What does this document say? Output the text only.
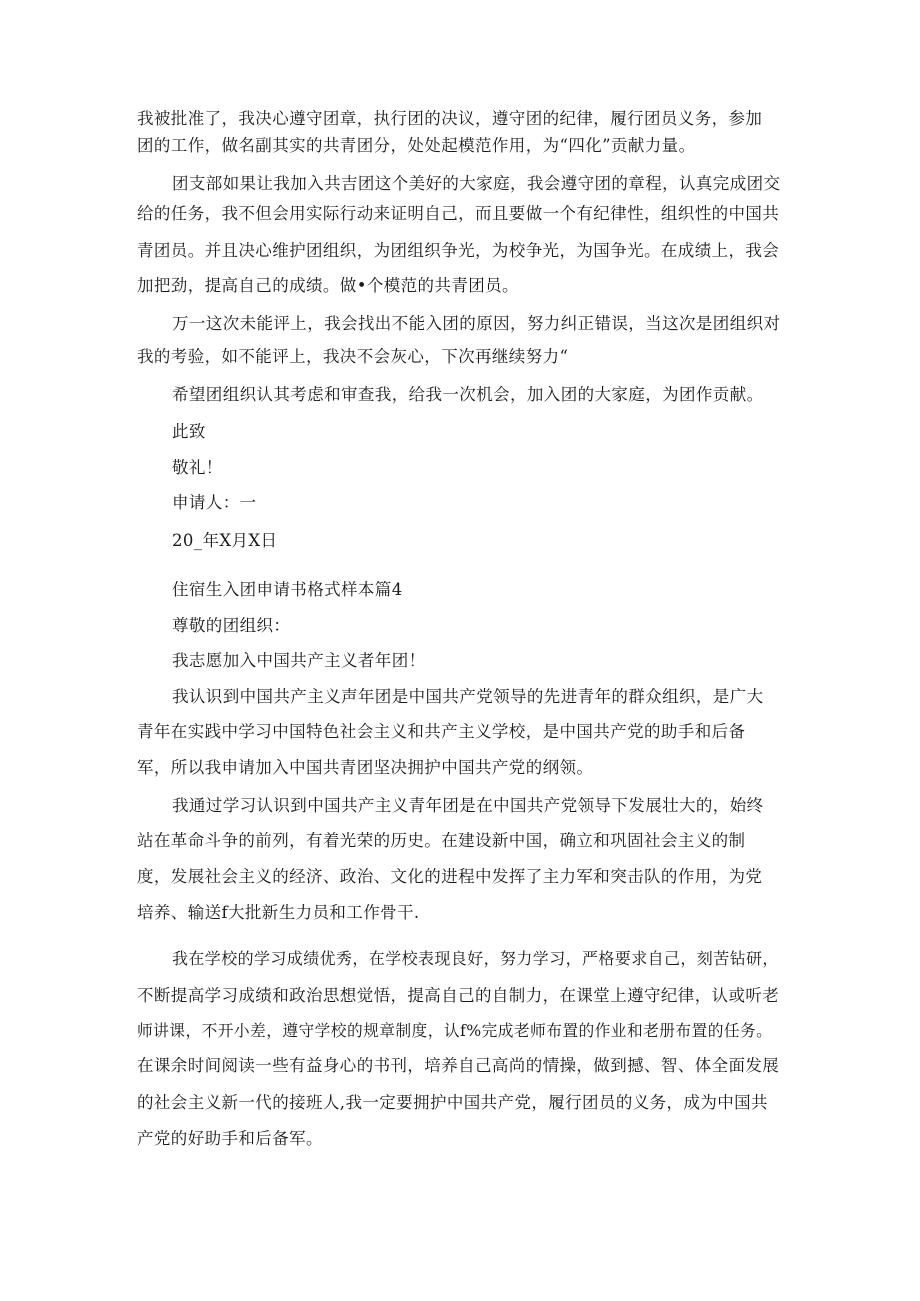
我被批准了，我决心遵守团章，执行团的决议，遵守团的纪律，履行团员义务，参加
团的工作，做名副其实的共青团分，处处起模范作用，为“四化”贡献力量。
团支部如果让我加入共吉团这个美好的大家庭，我会遵守团的章程，认真完成团交
给的任务，我不但会用实际行动来证明自己，而且要做一个有纪律性，组织性的中国共
青团员。并且决心维护团组织，为团组织争光，为校争光，为国争光。在成绩上，我会
加把劲，提高自己的成绩。做•个模范的共青团员。
万一这次未能评上，我会找出不能入团的原因，努力纠正错误，当这次是团组织对
我的考验，如不能评上，我决不会灰心，下次再继续努力“
希望团组织认其考虑和审查我，给我一次机会，加入团的大家庭，为团作贡献。
此致
敬礼！
申请人：一
20_年X月X日
住宿生入团申请书格式样本篇4
尊敬的团组织：
我志愿加入中国共产主义者年团！
我认识到中国共产主义声年团是中国共产党领导的先进青年的群众组织，是广大
青年在实践中学习中国特色社会主义和共产主义学校，是中国共产党的助手和后备
军，所以我申请加入中国共青团坚决拥护中国共产党的纲领。
我通过学习认识到中国共产主义青年团是在中国共产党领导下发展壮大的，始终
站在革命斗争的前列，有着光荣的历史。在建设新中国，确立和巩固社会主义的制
度，发展社会主义的经济、政治、文化的进程中发挥了主力军和突击队的作用，为党
培养、输送f大批新生力员和工作骨干.
我在学校的学习成绩优秀，在学校表现良好，努力学习，严格要求自己，刻苦钻研，
不断提高学习成绩和政治思想觉悟，提高自己的自制力，在课堂上遵守纪律，认或听老
师讲课，不开小差，遵守学校的规章制度，认f%完成老师布置的作业和老册布置的任务。
在课余时间阅读一些有益身心的书刊，培养自己高尚的情操，做到撼、智、体全面发展
的社会主义新一代的接班人,我一定要拥护中国共产党，履行团员的义务，成为中国共
产党的好助手和后备军。
